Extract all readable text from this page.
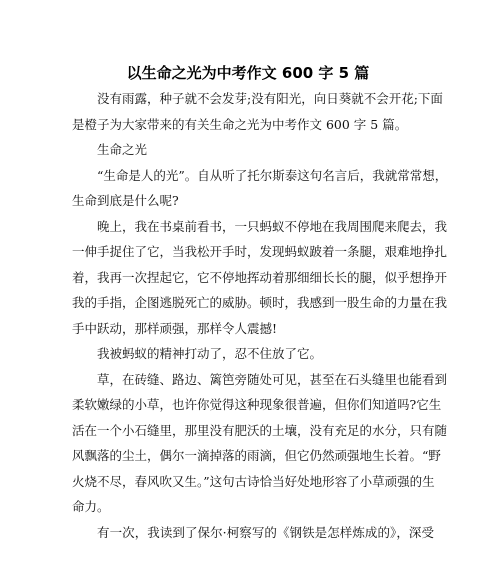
以生命之光为中考作文 600 字 5 篇
没有雨露，种子就不会发芽;没有阳光，向日葵就不会开花;下面
是橙子为大家带来的有关生命之光为中考作文 600 字 5 篇。
生命之光
“生命是人的光”。自从听了托尔斯泰这句名言后，我就常常想，
生命到底是什么呢?
晚上，我在书桌前看书，一只蚂蚁不停地在我周围爬来爬去，我
一伸手捉住了它，当我松开手时，发现蚂蚁跛着一条腿，艰难地挣扎
着，我再一次捏起它，它不停地挥动着那细细长长的腿，似乎想挣开
我的手指，企图逃脱死亡的威胁。顿时，我感到一股生命的力量在我
手中跃动，那样顽强，那样令人震撼!
我被蚂蚁的精神打动了，忍不住放了它。
草，在砖缝、路边、篱笆旁随处可见，甚至在石头缝里也能看到
柔软嫩绿的小草，也许你觉得这种现象很普遍，但你们知道吗?它生
活在一个小石缝里，那里没有肥沃的土壤，没有充足的水分，只有随
风飘落的尘土，偶尔一滴掉落的雨滴，但它仍然顽强地生长着。“野
火烧不尽，春风吹又生。”这句古诗恰当好处地形容了小草顽强的生
命力。
有一次，我读到了保尔·柯察写的《钢铁是怎样炼成的》，深受
